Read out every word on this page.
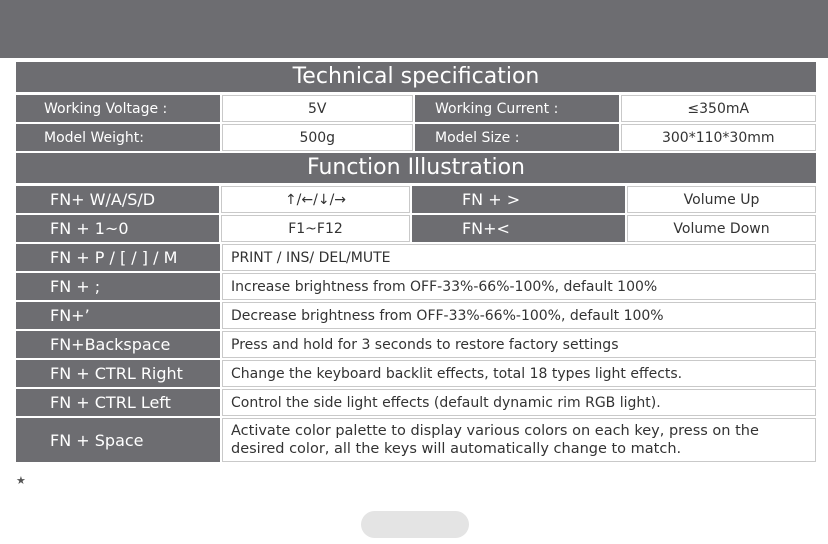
Technical specification
Working Voltage :	5V	Working Current :	≤350mA
Model Weight:	500g	Model Size :	300*110*30mm
Function Illustration
FN+ W/A/S/D	↑/←/↓/→	FN + >	Volume Up
FN + 1~0	F1~F12	FN+<	Volume Down
FN + P / [ / ] / M	PRINT / INS/ DEL/MUTE
FN + ;	Increase brightness from OFF-33%-66%-100%, default 100%
FN+’	Decrease brightness from OFF-33%-66%-100%, default 100%
FN+Backspace	Press and hold for 3 seconds to restore factory settings
FN + CTRL Right	Change the keyboard backlit effects, total 18 types light effects.
FN + CTRL Left	Control the side light effects (default dynamic rim RGB light).
FN + Space	Activate color palette to display various colors on each key, press on the desired color, all the keys will automatically change to match.
★
